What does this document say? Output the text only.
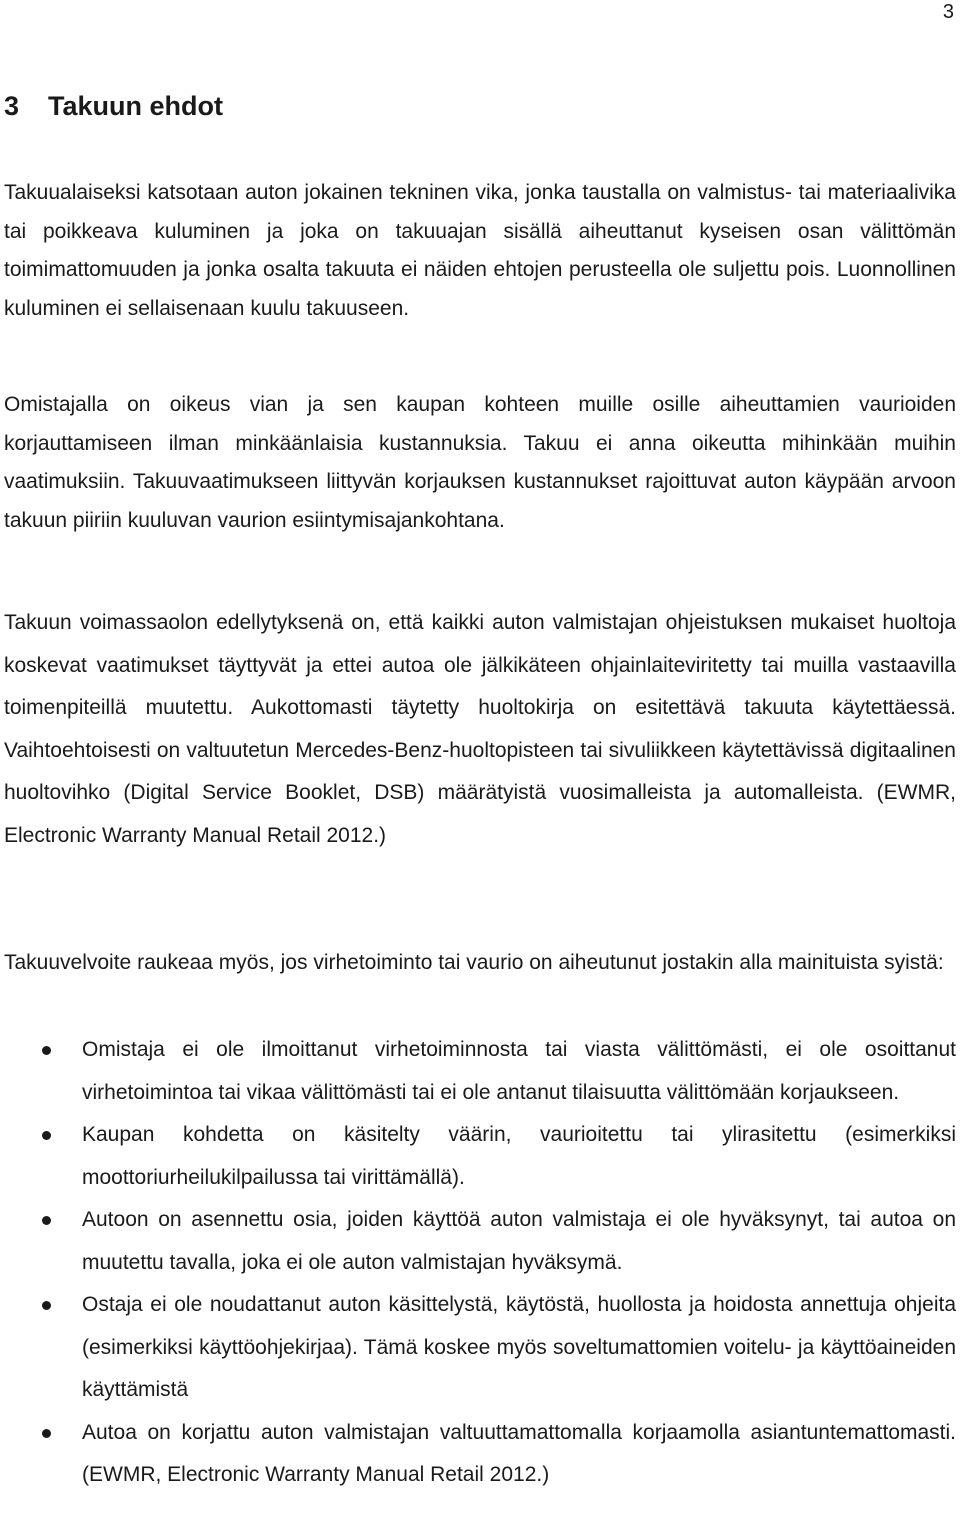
3
3 Takuun ehdot

Takuualaiseksi katsotaan auton jokainen tekninen vika, jonka taustalla on valmistus- tai materiaalivika tai poikkeava kuluminen ja joka on takuuajan sisällä aiheuttanut kyseisen osan välittömän toimimattomuuden ja jonka osalta takuuta ei näiden ehtojen perusteella ole suljettu pois. Luonnollinen kuluminen ei sellaisenaan kuulu takuuseen.

Omistajalla on oikeus vian ja sen kaupan kohteen muille osille aiheuttamien vaurioiden korjauttamiseen ilman minkäänlaisia kustannuksia. Takuu ei anna oikeutta mihinkään muihin vaatimuksiin. Takuuvaatimukseen liittyvän korjauksen kustannukset rajoittuvat auton käypään arvoon takuun piiriin kuuluvan vaurion esiintymisajankohtana.

Takuun voimassaolon edellytyksenä on, että kaikki auton valmistajan ohjeistuksen mukaiset huoltoja koskevat vaatimukset täyttyvät ja ettei autoa ole jälkikäteen ohjainlaiteviritetty tai muilla vastaavilla toimenpiteillä muutettu. Aukottomasti täytetty huoltokirja on esitettävä takuuta käytettäessä. Vaihtoehtoisesti on valtuutetun Mercedes-Benz-huoltopisteen tai sivuliikkeen käytettävissä digitaalinen huoltovihko (Digital Service Booklet, DSB) määrätyistä vuosimalleista ja automalleista. (EWMR, Electronic Warranty Manual Retail 2012.)

Takuuvelvoite raukeaa myös, jos virhetoiminto tai vaurio on aiheutunut jostakin alla mainituista syistä:

Omistaja ei ole ilmoittanut virhetoiminnosta tai viasta välittömästi, ei ole osoittanut virhetoimintoa tai vikaa välittömästi tai ei ole antanut tilaisuutta välittömään korjaukseen.
Kaupan kohdetta on käsitelty väärin, vaurioitettu tai ylirasitettu (esimerkiksi moottoriurheilukilpailussa tai virittämällä).
Autoon on asennettu osia, joiden käyttöä auton valmistaja ei ole hyväksynyt, tai autoa on muutettu tavalla, joka ei ole auton valmistajan hyväksymä.
Ostaja ei ole noudattanut auton käsittelystä, käytöstä, huollosta ja hoidosta annettuja ohjeita (esimerkiksi käyttöohjekirjaa). Tämä koskee myös soveltumattomien voitelu- ja käyttöaineiden käyttämistä
Autoa on korjattu auton valmistajan valtuuttamattomalla korjaamolla asiantuntemattomasti. (EWMR, Electronic Warranty Manual Retail 2012.)
